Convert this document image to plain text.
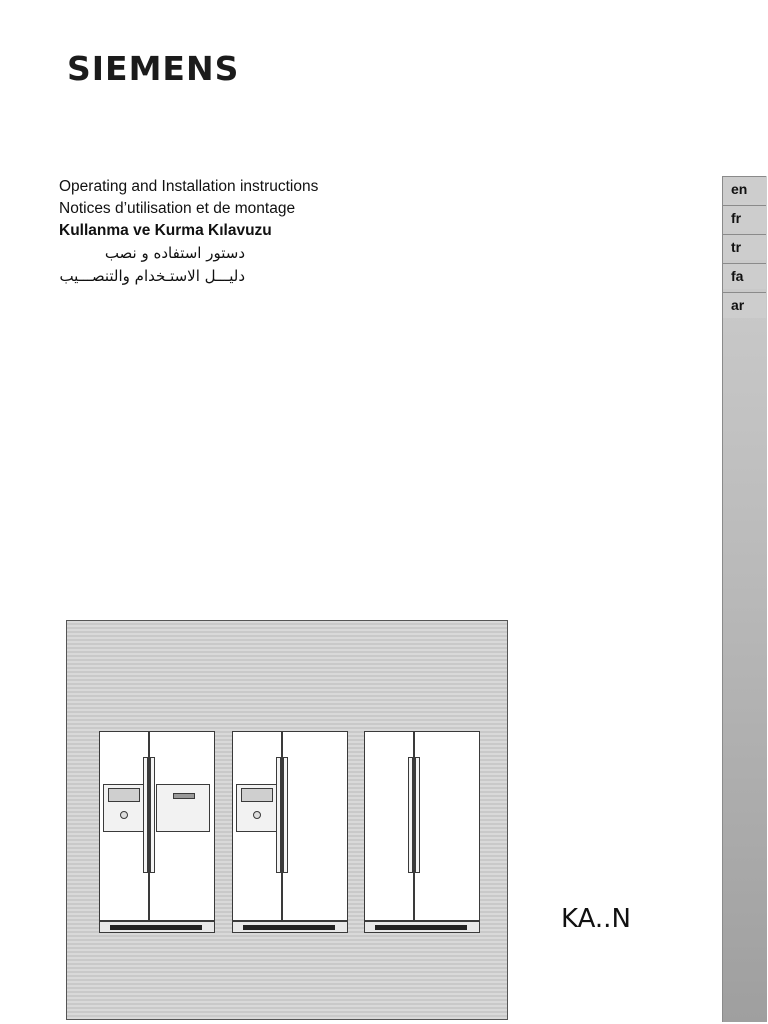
SIEMENS
Operating and Installation instructions
Notices d’utilisation et de montage
Kullanma ve Kurma Kılavuzu
دستور استفاده و نصب
دليـــل الاستـخدام والتنصـــيب
en
fr
tr
fa
ar
KA..N
